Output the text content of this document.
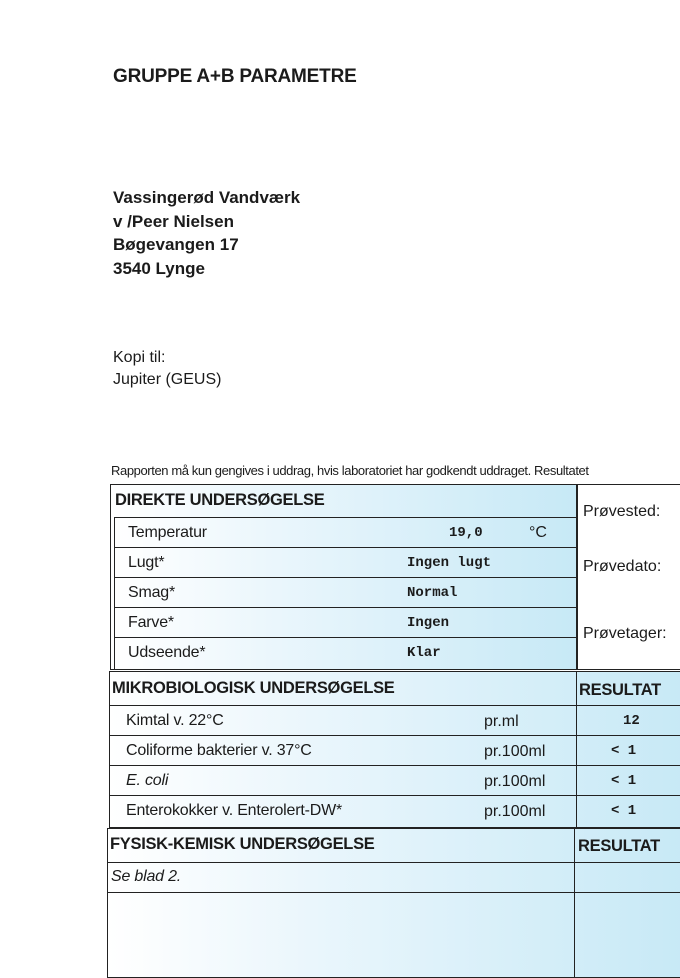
GRUPPE A+B PARAMETRE
Vassingerød Vandværk
v /Peer Nielsen
Bøgevangen 17
3540 Lynge
Kopi til:
Jupiter (GEUS)
Rapporten må kun gengives i uddrag, hvis laboratoriet har godkendt uddraget. Resultatet
DIREKTE UNDERSØGELSE
Temperatur	19,0	°C
Lugt*	Ingen lugt
Smag*	Normal
Farve*	Ingen
Udseende*	Klar
Prøvested:
Prøvedato:
Prøvetager:
MIKROBIOLOGISK UNDERSØGELSE	RESULTAT
Kimtal v. 22°C	pr.ml	12
Coliforme bakterier v. 37°C	pr.100ml	< 1
E. coli	pr.100ml	< 1
Enterokokker v. Enterolert-DW*	pr.100ml	< 1
FYSISK-KEMISK UNDERSØGELSE	RESULTAT
Se blad 2.
